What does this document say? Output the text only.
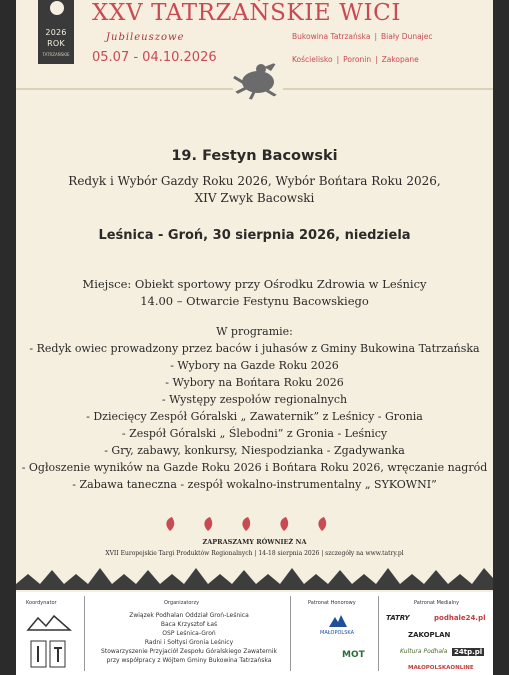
2026
ROK
TATRZAŃSKIE
XXV TATRZAŃSKIE WICI
Jubileuszowe
05.07 - 04.10.2026
Bukowina Tatrzańska | Biały Dunajec
Kościelisko | Poronin | Zakopane
19. Festyn Bacowski
Redyk i Wybór Gazdy Roku 2026, Wybór Bońtara Roku 2026,
XIV Zwyk Bacowski
Leśnica - Groń, 30 sierpnia 2026, niedziela
Miejsce: Obiekt sportowy przy Ośrodku Zdrowia w Leśnicy
14.00 – Otwarcie Festynu Bacowskiego
W programie:
- Redyk owiec prowadzony przez baców i juhasów z Gminy Bukowina Tatrzańska
- Wybory na Gazde Roku 2026
- Wybory na Bońtara Roku 2026
- Występy zespołów regionalnych
- Dziecięcy Zespół Góralski „ Zawaternik” z Leśnicy - Gronia
- Zespół Góralski „ Ślebodni” z Gronia - Leśnicy
- Gry, zabawy, konkursy, Niespodzianka - Zgadywanka
- Ogłoszenie wyników na Gazde Roku 2026 i Bońtara Roku 2026, wręczanie nagród
- Zabawa taneczna - zespół wokalno-instrumentalny „ SYKOWNI”
ZAPRASZAMY RÓWNIEŻ NA
XVII Europejskie Targi Produktów Regionalnych | 14-18 sierpnia 2026 | szczegóły na www.tatry.pl
Koordynator	Organizatorzy
Związek Podhalan Oddział Groń-Leśnica
Baca Krzysztof Łaś
OSP Leśnica-Groń
Radni i Sołtysi Gronia Leśnicy
Stowarzyszenie Przyjaciół Zespołu Góralskiego Zawaternik
przy współpracy z Wójtem Gminy Bukowina Tatrzańska
Patronat Honorowy
MAŁOPOLSKA
MOT
Patronat Medialny
TATRY	podhale24.pl
ZAKOPLAN
Kultura Podhala 24tp.pl
MAŁOPOLSKAONLINE
